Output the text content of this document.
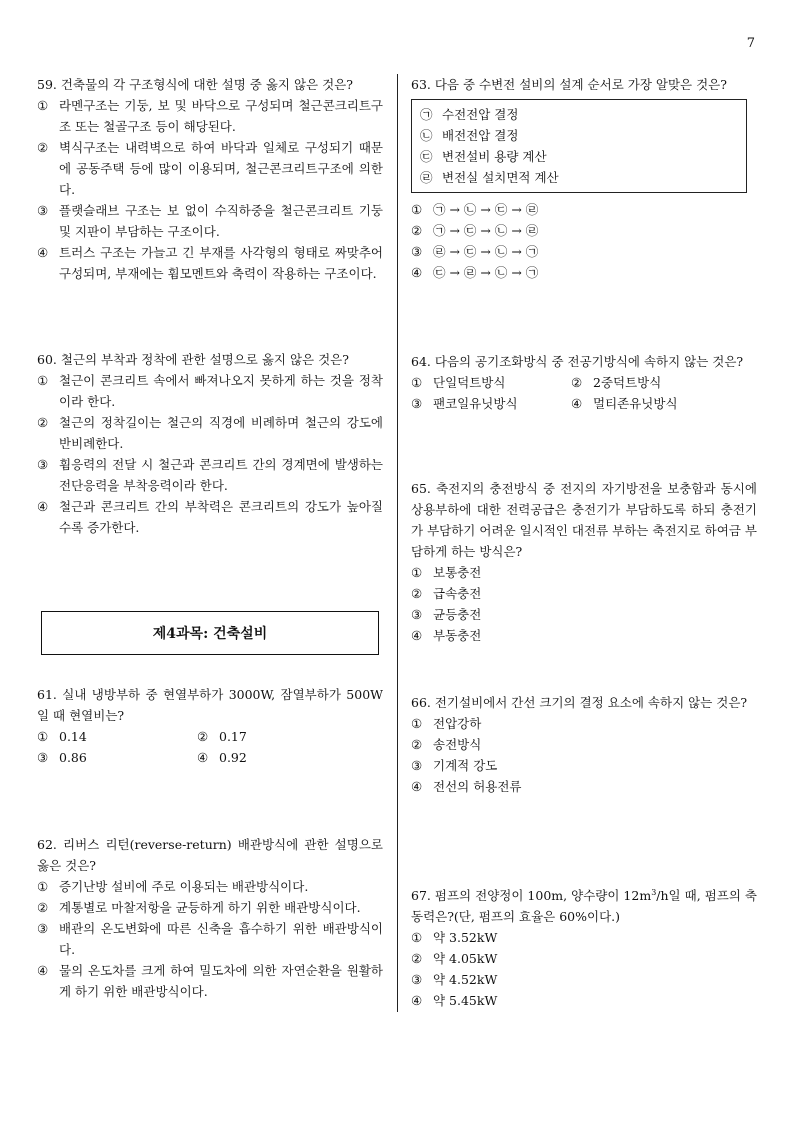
7

59. 건축물의 각 구조형식에 대한 설명 중 옳지 않은 것은?

① 라멘구조는 기둥, 보 및 바닥으로 구성되며 철근콘크리트구조 또는 철골구조 등이 해당된다.
② 벽식구조는 내력벽으로 하여 바닥과 일체로 구성되기 때문에 공동주택 등에 많이 이용되며, 철근콘크리트구조에 의한다.
③ 플랫슬래브 구조는 보 없이 수직하중을 철근콘크리트 기둥 및 지판이 부담하는 구조이다.
④ 트러스 구조는 가늘고 긴 부재를 사각형의 형태로 짜맞추어 구성되며, 부재에는 휨모멘트와 축력이 작용하는 구조이다.

60. 철근의 부착과 정착에 관한 설명으로 옳지 않은 것은?

① 철근이 콘크리트 속에서 빠져나오지 못하게 하는 것을 정착이라 한다.
② 철근의 정착길이는 철근의 직경에 비례하며 철근의 강도에 반비례한다.
③ 휨응력의 전달 시 철근과 콘크리트 간의 경계면에 발생하는 전단응력을 부착응력이라 한다.
④ 철근과 콘크리트 간의 부착력은 콘크리트의 강도가 높아질수록 증가한다.
제4과목: 건축설비

61. 실내 냉방부하 중 현열부하가 3000W, 잠열부하가 500W일 때 현열비는?

① 0.14	② 0.17
③ 0.86	④ 0.92

62. 리버스 리턴(reverse-return) 배관방식에 관한 설명으로 옳은 것은?

① 증기난방 설비에 주로 이용되는 배관방식이다.
② 계통별로 마찰저항을 균등하게 하기 위한 배관방식이다.
③ 배관의 온도변화에 따른 신축을 흡수하기 위한 배관방식이다.
④ 물의 온도차를 크게 하여 밀도차에 의한 자연순환을 원활하게 하기 위한 배관방식이다.

63. 다음 중 수변전 설비의 설계 순서로 가장 알맞은 것은?

㉠ 수전전압 결정
㉡ 배전전압 결정
㉢ 변전설비 용량 계산
㉣ 변전실 설치면적 계산
① ㉠ → ㉡ → ㉢ → ㉣
② ㉠ → ㉢ → ㉡ → ㉣
③ ㉣ → ㉢ → ㉡ → ㉠
④ ㉢ → ㉣ → ㉡ → ㉠

64. 다음의 공기조화방식 중 전공기방식에 속하지 않는 것은?

① 단일덕트방식	② 2중덕트방식
③ 팬코일유닛방식	④ 멀티존유닛방식

65. 축전지의 충전방식 중 전지의 자기방전을 보충함과 동시에 상용부하에 대한 전력공급은 충전기가 부담하도록 하되 충전기가 부담하기 어려운 일시적인 대전류 부하는 축전지로 하여금 부담하게 하는 방식은?

① 보통충전
② 급속충전
③ 균등충전
④ 부동충전

66. 전기설비에서 간선 크기의 결정 요소에 속하지 않는 것은?

① 전압강하
② 송전방식
③ 기계적 강도
④ 전선의 허용전류

67. 펌프의 전양정이 100m, 양수량이 $12m^3/h$일 때, 펌프의 축동력은?(단, 펌프의 효율은 60%이다.)

① 약 3.52kW
② 약 4.05kW
③ 약 4.52kW
④ 약 5.45kW
